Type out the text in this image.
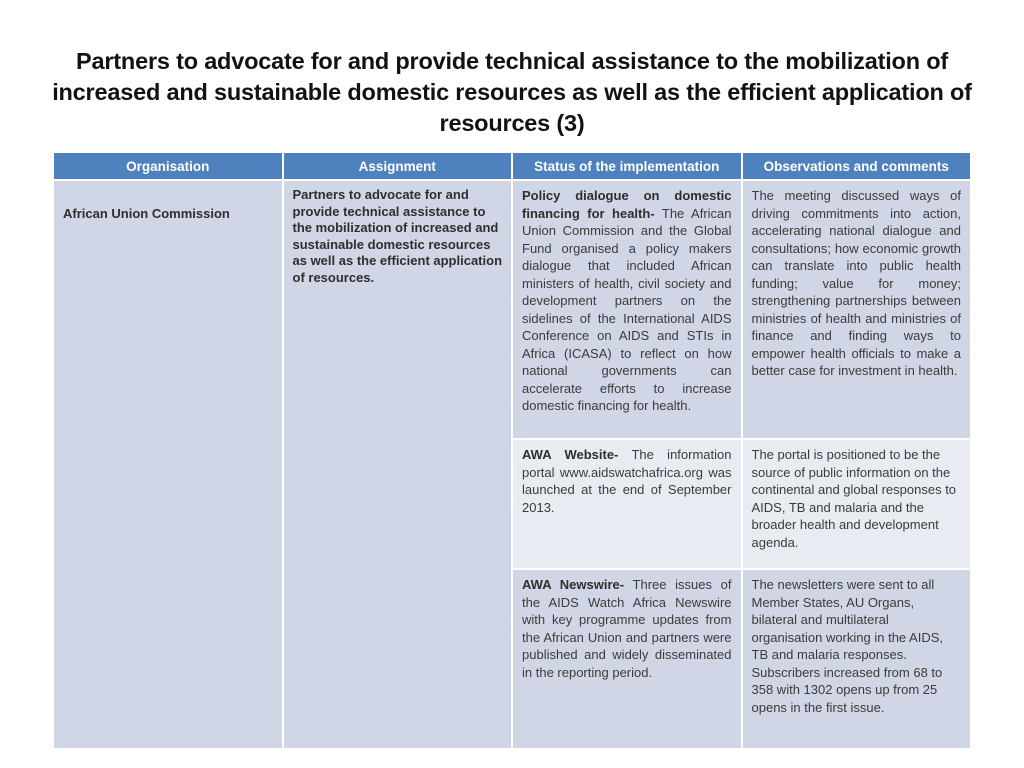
Partners to advocate for and provide technical assistance to the mobilization of increased and sustainable domestic resources as well as the efficient application of resources (3)
Organisation	Assignment	Status of the implementation	Observations and comments
African Union Commission	Partners to advocate for and provide technical assistance to the mobilization of increased and sustainable domestic resources as well as the efficient application of resources.	Policy dialogue on domestic financing for health- The African Union Commission and the Global Fund organised a policy makers dialogue that included African ministers of health, civil society and development partners on the sidelines of the International AIDS Conference on AIDS and STIs in Africa (ICASA) to reflect on how national governments can accelerate efforts to increase domestic financing for health.	The meeting discussed ways of driving commitments into action, accelerating national dialogue and consultations; how economic growth can translate into public health funding; value for money; strengthening partnerships between ministries of health and ministries of finance and finding ways to empower health officials to make a better case for investment in health.
		AWA Website- The information portal www.aidswatchafrica.org was launched at the end of September 2013.	The portal is positioned to be the source of public information on the continental and global responses to AIDS, TB and malaria and the broader health and development agenda.
		AWA Newswire- Three issues of the AIDS Watch Africa Newswire with key programme updates from the African Union and partners were published and widely disseminated in the reporting period.	The newsletters were sent to all Member States, AU Organs, bilateral and multilateral organisation working in the AIDS, TB and malaria responses. Subscribers increased from 68 to 358 with 1302 opens up from 25 opens in the first issue.
